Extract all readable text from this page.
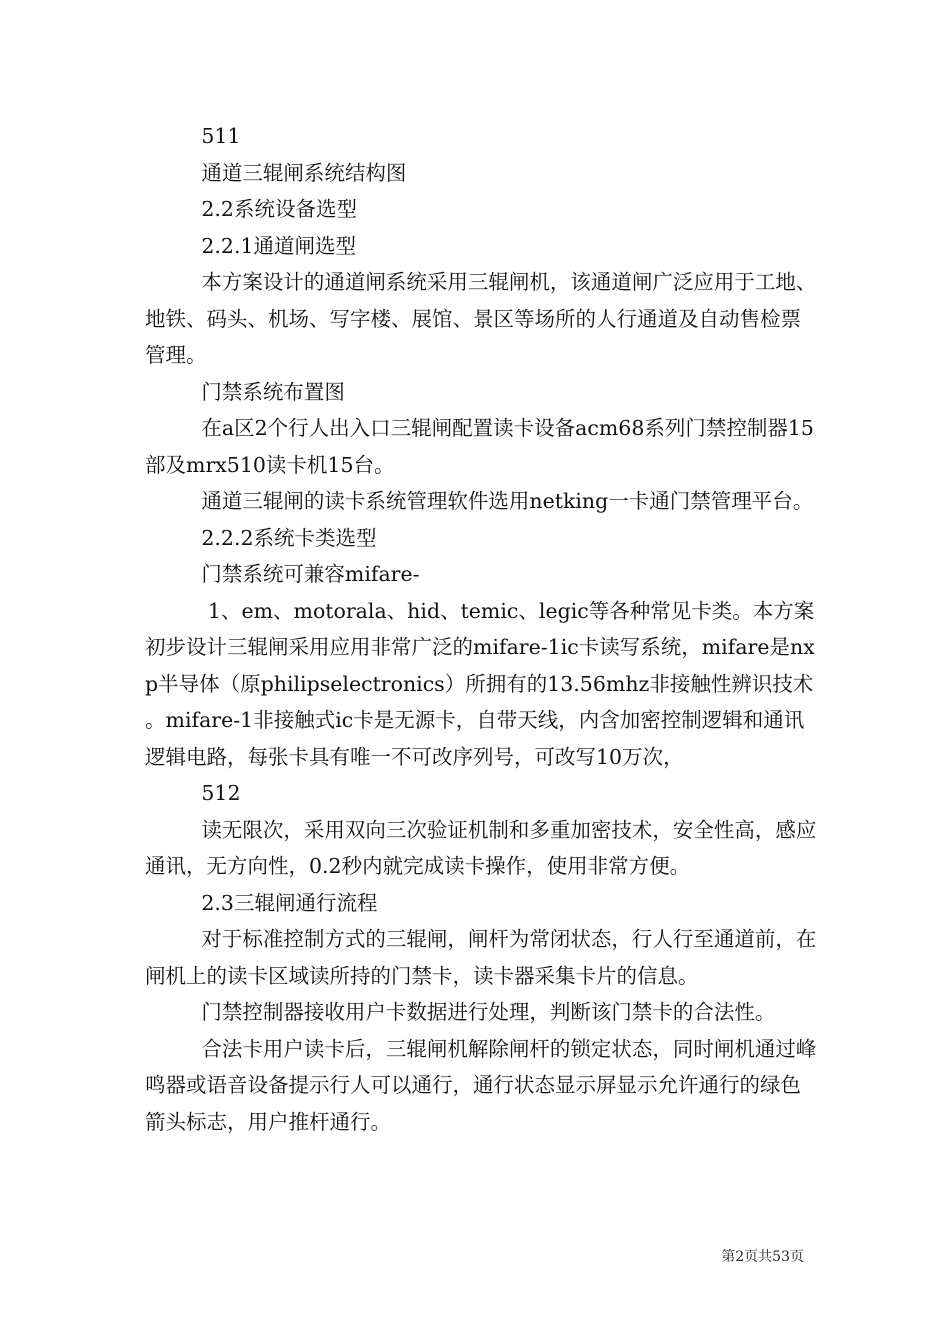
511

通道三辊闸系统结构图

2.2系统设备选型

2.2.1通道闸选型

本方案设计的通道闸系统采用三辊闸机，该通道闸广泛应用于工地、地铁、码头、机场、写字楼、展馆、景区等场所的人行通道及自动售检票管理。

门禁系统布置图

在a区2个行人出入口三辊闸配置读卡设备acm68系列门禁控制器15部及mrx510读卡机15台。

通道三辊闸的读卡系统管理软件选用netking一卡通门禁管理平台。

2.2.2系统卡类选型

门禁系统可兼容mifare-

1、em、motorala、hid、temic、legic等各种常见卡类。本方案初步设计三辊闸采用应用非常广泛的mifare-1ic卡读写系统，mifare是nxp半导体（原philipselectronics）所拥有的13.56mhz非接触性辨识技术。mifare-1非接触式ic卡是无源卡，自带天线，内含加密控制逻辑和通讯逻辑电路，每张卡具有唯一不可改序列号，可改写10万次，

512

读无限次，采用双向三次验证机制和多重加密技术，安全性高，感应通讯，无方向性，0.2秒内就完成读卡操作，使用非常方便。

2.3三辊闸通行流程

对于标准控制方式的三辊闸，闸杆为常闭状态，行人行至通道前，在闸机上的读卡区域读所持的门禁卡，读卡器采集卡片的信息。

门禁控制器接收用户卡数据进行处理，判断该门禁卡的合法性。

合法卡用户读卡后，三辊闸机解除闸杆的锁定状态，同时闸机通过峰鸣器或语音设备提示行人可以通行，通行状态显示屏显示允许通行的绿色箭头标志，用户推杆通行。

第2页共53页
